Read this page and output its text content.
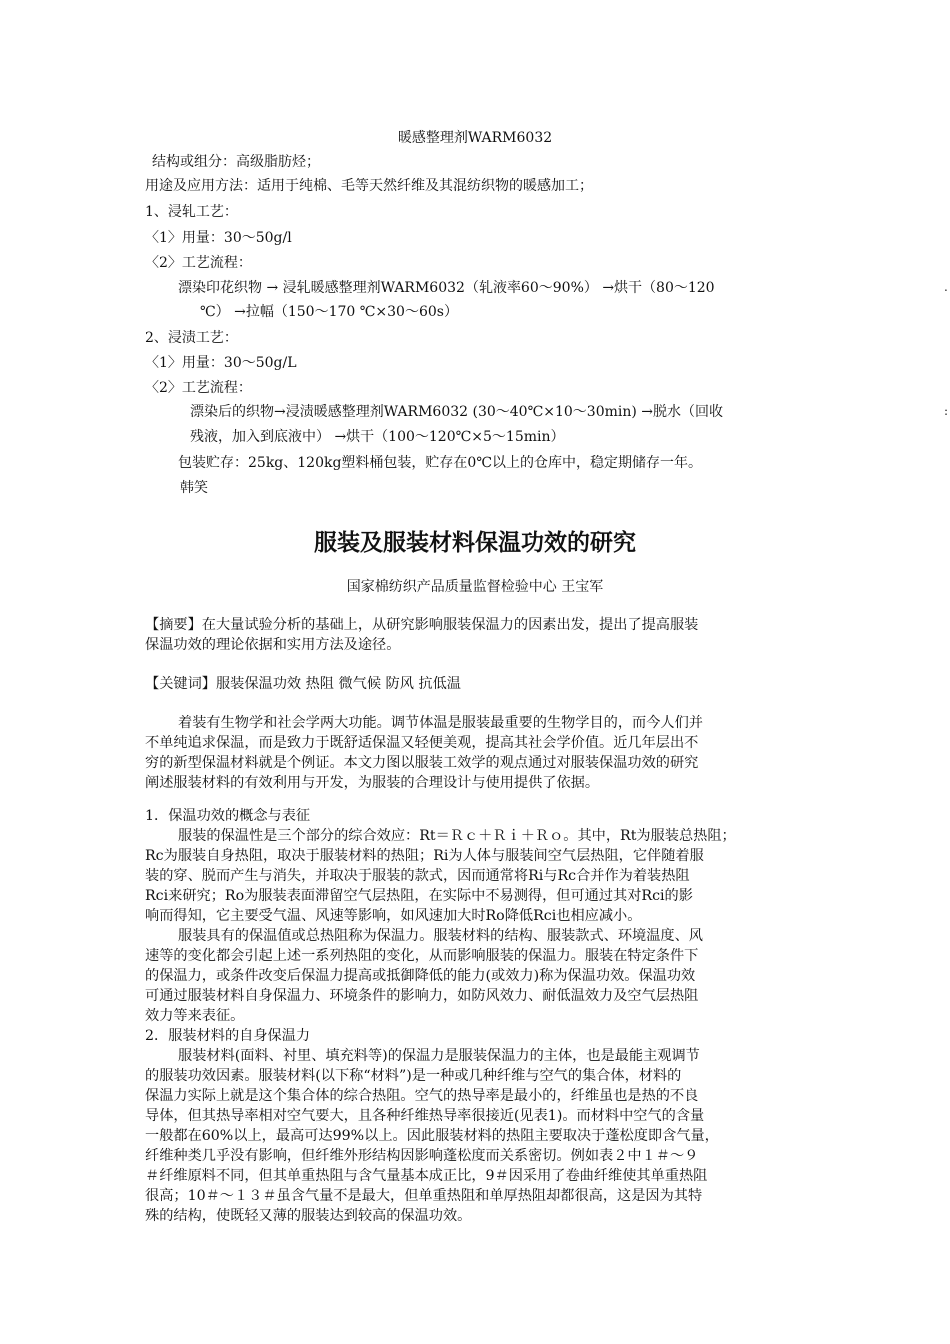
暖感整理剂WARM6032
结构或组分：高级脂肪烃；
用途及应用方法：适用于纯棉、毛等天然纤维及其混纺织物的暖感加工；
1、浸轧工艺：
〈1〉用量：30～50g/l
〈2〉工艺流程：
漂染印花织物 → 浸轧暖感整理剂WARM6032（轧液率60～90%） →烘干（80～120
℃） →拉幅（150～170 ℃×30～60s）
2、浸渍工艺：
〈1〉用量：30～50g/L
〈2〉工艺流程：
漂染后的织物→浸渍暖感整理剂WARM6032 (30～40℃×10～30min) →脱水（回收
残液，加入到底液中） →烘干（100～120℃×5～15min）
包装贮存：25kg、120kg塑料桶包装，贮存在0℃以上的仓库中，稳定期储存一年。
韩笑
.
:
服装及服装材料保温功效的研究
国家棉纺织产品质量监督检验中心 王宝军
【摘要】在大量试验分析的基础上，从研究影响服装保温力的因素出发，提出了提高服装
保温功效的理论依据和实用方法及途径。
【关键词】服装保温功效 热阻 微气候 防风 抗低温
着装有生物学和社会学两大功能。调节体温是服装最重要的生物学目的，而今人们并
不单纯追求保温，而是致力于既舒适保温又轻便美观，提高其社会学价值。近几年层出不
穷的新型保温材料就是个例证。本文力图以服装工效学的观点通过对服装保温功效的研究
阐述服装材料的有效利用与开发，为服装的合理设计与使用提供了依据。
1．保温功效的概念与表征
服装的保温性是三个部分的综合效应：Rt＝Ｒｃ＋Ｒｉ＋Ｒｏ。其中，Rt为服装总热阻；
Rc为服装自身热阻，取决于服装材料的热阻；Ri为人体与服装间空气层热阻，它伴随着服
装的穿、脱而产生与消失，并取决于服装的款式，因而通常将Ri与Rc合并作为着装热阻
Rci来研究；Ro为服装表面滞留空气层热阻，在实际中不易测得，但可通过其对Rci的影
响而得知，它主要受气温、风速等影响，如风速加大时Ro降低Rci也相应减小。
服装具有的保温值或总热阻称为保温力。服装材料的结构、服装款式、环境温度、风
速等的变化都会引起上述一系列热阻的变化，从而影响服装的保温力。服装在特定条件下
的保温力，或条件改变后保温力提高或抵御降低的能力(或效力)称为保温功效。保温功效
可通过服装材料自身保温力、环境条件的影响力，如防风效力、耐低温效力及空气层热阻
效力等来表征。
2．服装材料的自身保温力
服装材料(面料、衬里、填充料等)的保温力是服装保温力的主体，也是最能主观调节
的服装功效因素。服装材料(以下称“材料”)是一种或几种纤维与空气的集合体，材料的
保温力实际上就是这个集合体的综合热阻。空气的热导率是最小的，纤维虽也是热的不良
导体，但其热导率相对空气要大，且各种纤维热导率很接近(见表1)。而材料中空气的含量
一般都在60%以上，最高可达99%以上。因此服装材料的热阻主要取决于蓬松度即含气量，
纤维种类几乎没有影响，但纤维外形结构因影响蓬松度而关系密切。例如表２中１＃～９
＃纤维原料不同，但其单重热阻与含气量基本成正比，9＃因采用了卷曲纤维使其单重热阻
很高；10＃～１３＃虽含气量不是最大，但单重热阻和单厚热阻却都很高，这是因为其特
殊的结构，使既轻又薄的服装达到较高的保温功效。
